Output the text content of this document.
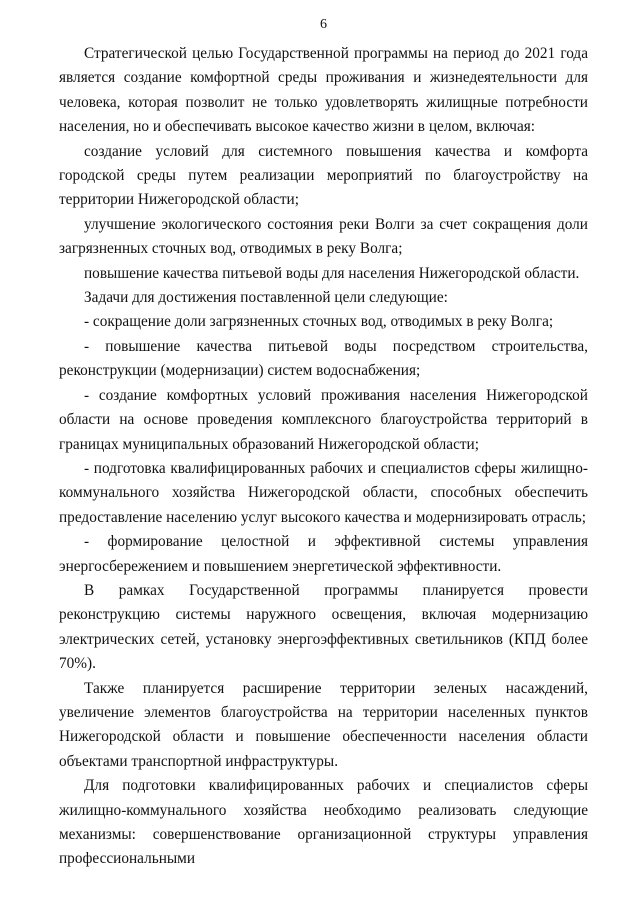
6

Стратегической целью Государственной программы на период до 2021 года является создание комфортной среды проживания и жизнедеятельности для человека, которая позволит не только удовлетворять жилищные потребности населения, но и обеспечивать высокое качество жизни в целом, включая:

создание условий для системного повышения качества и комфорта городской среды путем реализации мероприятий по благоустройству на территории Нижегородской области;

улучшение экологического состояния реки Волги за счет сокращения доли загрязненных сточных вод, отводимых в реку Волга;

повышение качества питьевой воды для населения Нижегородской области.

Задачи для достижения поставленной цели следующие:

- сокращение доли загрязненных сточных вод, отводимых в реку Волга;

- повышение качества питьевой воды посредством строительства, реконструкции (модернизации) систем водоснабжения;

- создание комфортных условий проживания населения Нижегородской области на основе проведения комплексного благоустройства территорий в границах муниципальных образований Нижегородской области;

- подготовка квалифицированных рабочих и специалистов сферы жилищно-коммунального хозяйства Нижегородской области, способных обеспечить предоставление населению услуг высокого качества и модернизировать отрасль;

- формирование целостной и эффективной системы управления энергосбережением и повышением энергетической эффективности.

В рамках Государственной программы планируется провести реконструкцию системы наружного освещения, включая модернизацию электрических сетей, установку энергоэффективных светильников (КПД более 70%).

Также планируется расширение территории зеленых насаждений, увеличение элементов благоустройства на территории населенных пунктов Нижегородской области и повышение обеспеченности населения области объектами транспортной инфраструктуры.

Для подготовки квалифицированных рабочих и специалистов сферы жилищно-коммунального хозяйства необходимо реализовать следующие механизмы: совершенствование организационной структуры управления профессиональными
